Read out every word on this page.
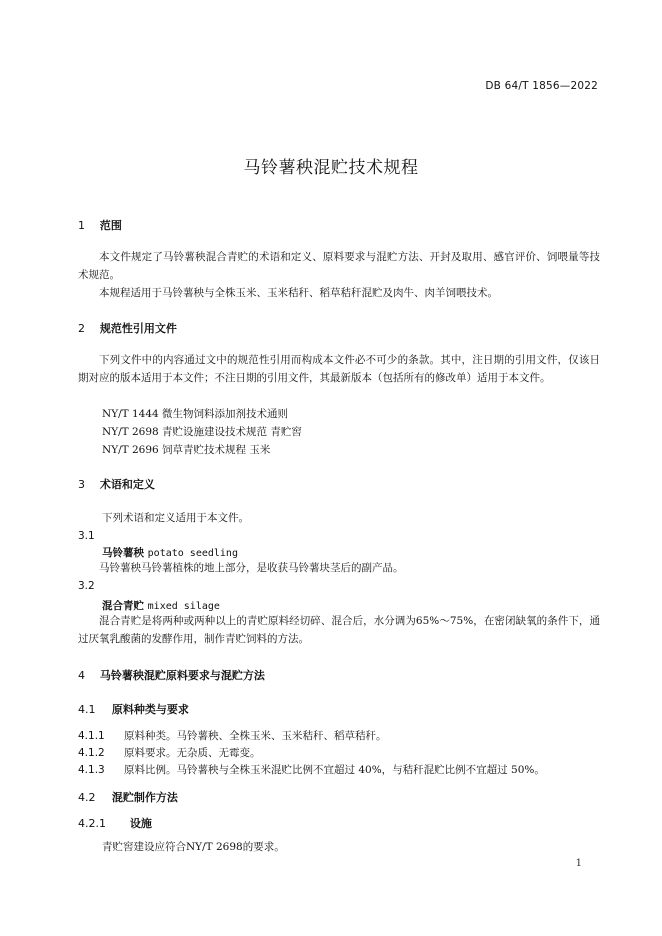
DB 64/T 1856—2022
马铃薯秧混贮技术规程
1 范围

本文件规定了马铃薯秧混合青贮的术语和定义、原料要求与混贮方法、开封及取用、感官评价、饲喂量等技术规范。

本规程适用于马铃薯秧与全株玉米、玉米秸秆、稻草秸秆混贮及肉牛、肉羊饲喂技术。

2 规范性引用文件

下列文件中的内容通过文中的规范性引用而构成本文件必不可少的条款。其中，注日期的引用文件，仅该日期对应的版本适用于本文件；不注日期的引用文件，其最新版本（包括所有的修改单）适用于本文件。

NY/T 1444 微生物饲料添加剂技术通则

NY/T 2698 青贮设施建设技术规范 青贮窖

NY/T 2696 饲草青贮技术规程 玉米

3 术语和定义

下列术语和定义适用于本文件。

3.1

马铃薯秧 potato seedling

马铃薯秧马铃薯植株的地上部分，是收获马铃薯块茎后的副产品。

3.2

混合青贮 mixed silage

混合青贮是将两种或两种以上的青贮原料经切碎、混合后，水分调为65%～75%，在密闭缺氧的条件下，通过厌氧乳酸菌的发酵作用，制作青贮饲料的方法。

4 马铃薯秧混贮原料要求与混贮方法
4.1 原料种类与要求

4.1.1 原料种类。马铃薯秧、全株玉米、玉米秸秆、稻草秸秆。

4.1.2 原料要求。无杂质、无霉变。

4.1.3 原料比例。马铃薯秧与全株玉米混贮比例不宜超过 40%，与秸秆混贮比例不宜超过 50%。

4.2 混贮制作方法
4.2.1 设施

青贮窖建设应符合NY/T 2698的要求。

1
